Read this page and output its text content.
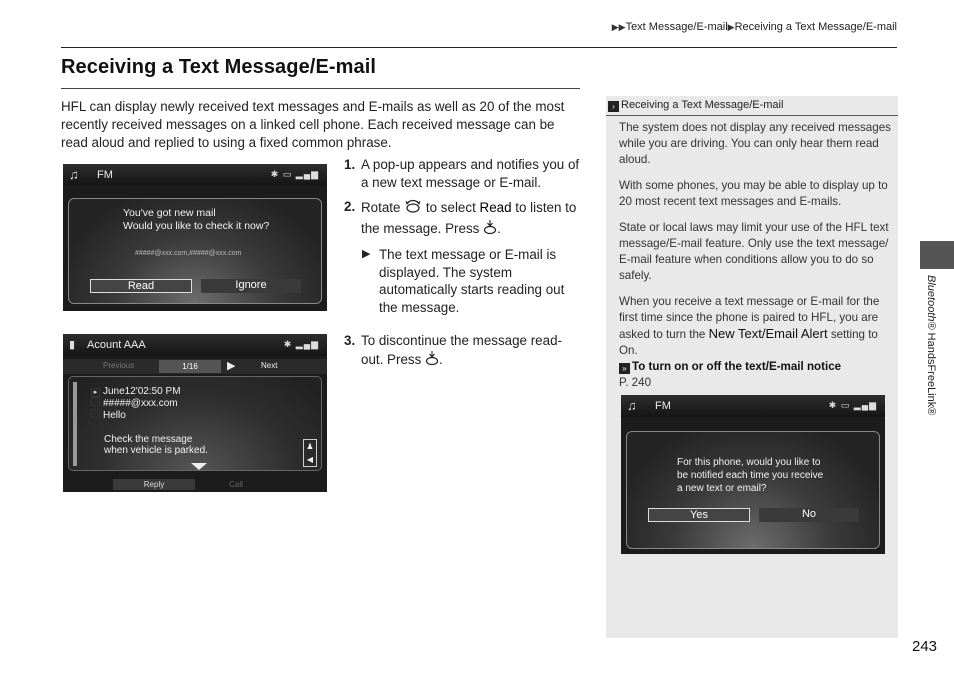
▶▶Text Message/E-mail▶Receiving a Text Message/E-mail
Receiving a Text Message/E-mail

HFL can display newly received text messages and E-mails as well as 20 of the most recently received messages on a linked cell phone. Each received message can be read aloud and replied to using a fixed common phrase.

♫ FM	✱ ▭ ▂▄▆
You've got new mail
Would you like to check it now?
#####@xxx.com,#####@xxx.com
Read	Ignore
▮ Acount AAA	✱ ▂▄▆
Previous	1/16	▶	Next
▸ June12'02:50 PM
#####@xxx.com
Hello
Check the message
when vehicle is parked.	♟
◀
Reply	Call
1. A pop-up appears and notifies you of a new text message or E-mail.
2. Rotate to select Read to listen to the message. Press .
▶ The text message or E-mail is displayed. The system automatically starts reading out the message.
3. To discontinue the message read-out. Press .
› Receiving a Text Message/E-mail

The system does not display any received messages while you are driving. You can only hear them read aloud.

With some phones, you may be able to display up to 20 most recent text messages and E-mails.

State or local laws may limit your use of the HFL text message/E-mail feature. Only use the text message/ E-mail feature when conditions allow you to do so safely.

When you receive a text message or E-mail for the first time since the phone is paired to HFL, you are asked to turn the New Text/Email Alert setting to On.

» To turn on or off the text/E-mail notice
P. 240
♫ FM	✱ ▭ ▂▄▆
For this phone, would you like to
be notified each time you receive
a new text or email?
Yes	No
Bluetooth® HandsFreeLink®
243
